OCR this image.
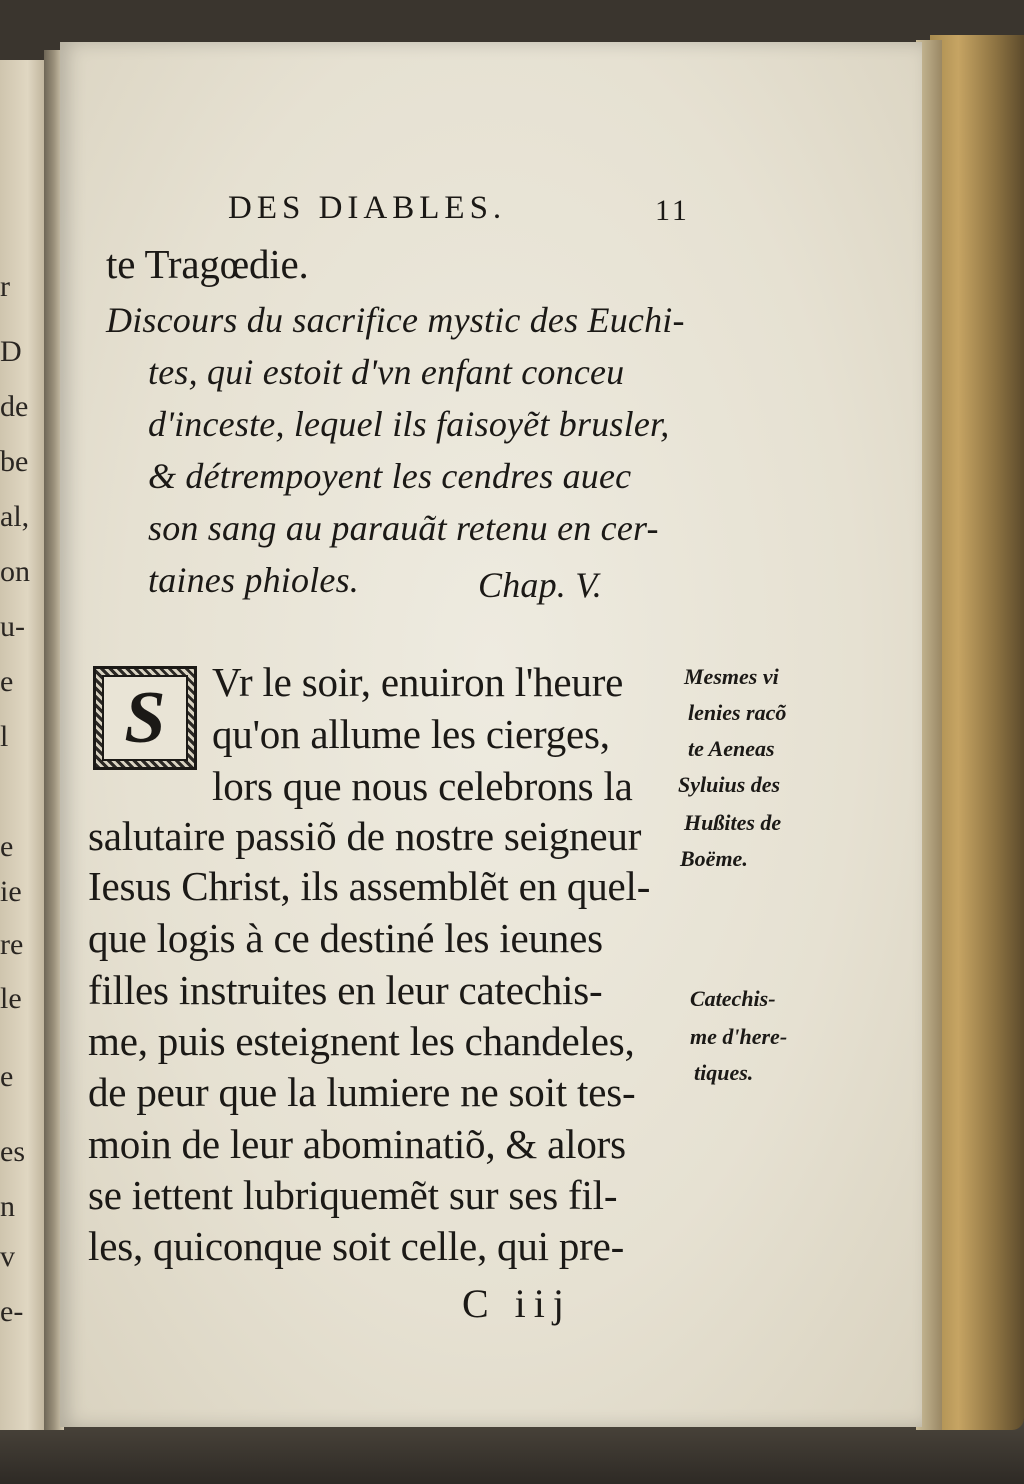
r
D
de
be
al,
on
u-
e
l
e
ie
re
le
e
es
n
v
e-
DES DIABLES.	11
te Tragœdie.
Discours du sacrifice mystic des Euchi-
tes, qui estoit d'vn enfant conceu
d'inceste, lequel ils faisoyẽt brusler,
& détrempoyent les cendres auec
son sang au parauãt retenu en cer-
taines phioles.	Chap. V.
S	Vr le soir, enuiron l'heure
qu'on allume les cierges,
lors que nous celebrons la
salutaire passiõ de nostre seigneur
Iesus Christ, ils assemblẽt en quel-
que logis à ce destiné les ieunes
filles instruites en leur catechis-
me, puis esteignent les chandeles,
de peur que la lumiere ne soit tes-
moin de leur abominatiõ, & alors
se iettent lubriquemẽt sur ses fil-
les, quiconque soit celle, qui pre-
Mesmes vi
lenies racõ
te Aeneas
Syluius des
Hußites de
Boëme.
Catechis-
me d'here-
tiques.
C iij
